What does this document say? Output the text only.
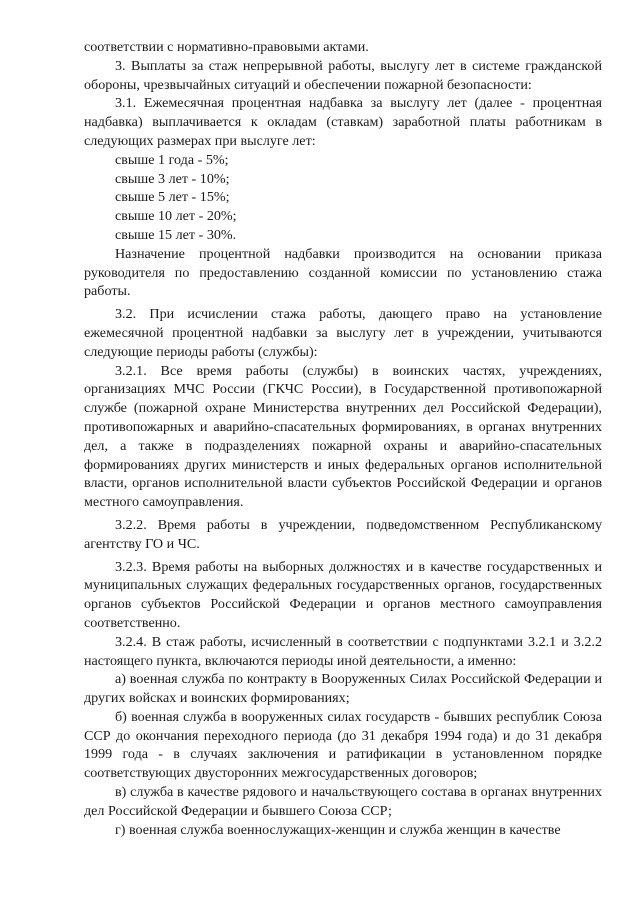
соответствии с нормативно-правовыми актами.

3. Выплаты за стаж непрерывной работы, выслугу лет в системе гражданской обороны, чрезвычайных ситуаций и обеспечении пожарной безопасности:

3.1. Ежемесячная процентная надбавка за выслугу лет (далее - процентная надбавка) выплачивается к окладам (ставкам) заработной платы работникам в следующих размерах при выслуге лет:

свыше 1 года - 5%;
свыше 3 лет - 10%;
свыше 5 лет - 15%;
свыше 10 лет - 20%;
свыше 15 лет - 30%.

Назначение процентной надбавки производится на основании приказа руководителя по предоставлению созданной комиссии по установлению стажа работы.

3.2. При исчислении стажа работы, дающего право на установление ежемесячной процентной надбавки за выслугу лет в учреждении, учитываются следующие периоды работы (службы):

3.2.1. Все время работы (службы) в воинских частях, учреждениях, организациях МЧС России (ГКЧС России), в Государственной противопожарной службе (пожарной охране Министерства внутренних дел Российской Федерации), противопожарных и аварийно-спасательных формированиях, в органах внутренних дел, а также в подразделениях пожарной охраны и аварийно-спасательных формированиях других министерств и иных федеральных органов исполнительной власти, органов исполнительной власти субъектов Российской Федерации и органов местного самоуправления.

3.2.2. Время работы в учреждении, подведомственном Республиканскому агентству ГО и ЧС.

3.2.3. Время работы на выборных должностях и в качестве государственных и муниципальных служащих федеральных государственных органов, государственных органов субъектов Российской Федерации и органов местного самоуправления соответственно.

3.2.4. В стаж работы, исчисленный в соответствии с подпунктами 3.2.1 и 3.2.2 настоящего пункта, включаются периоды иной деятельности, а именно:

а) военная служба по контракту в Вооруженных Силах Российской Федерации и других войсках и воинских формированиях;

б) военная служба в вооруженных силах государств - бывших республик Союза ССР до окончания переходного периода (до 31 декабря 1994 года) и до 31 декабря 1999 года - в случаях заключения и ратификации в установленном порядке соответствующих двусторонних межгосударственных договоров;

в) служба в качестве рядового и начальствующего состава в органах внутренних дел Российской Федерации и бывшего Союза ССР;

г) военная служба военнослужащих-женщин и служба женщин в качестве
